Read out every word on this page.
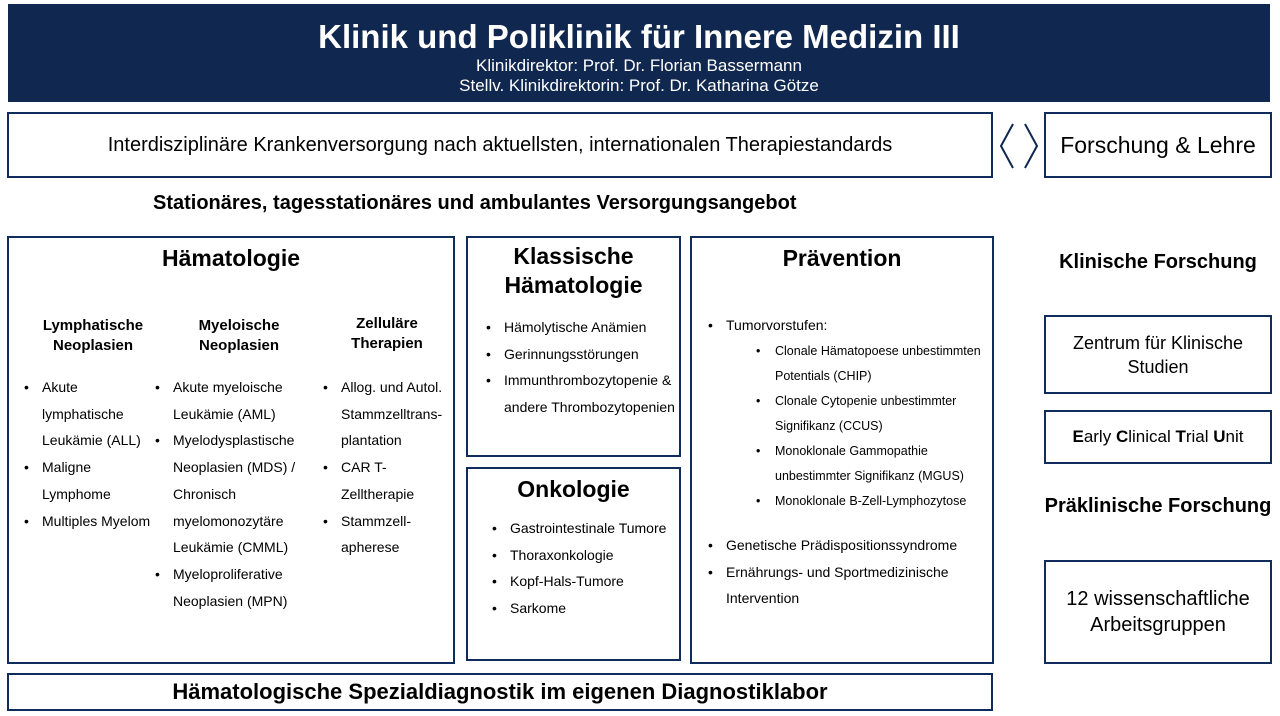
Klinik und Poliklinik für Innere Medizin III
Klinikdirektor: Prof. Dr. Florian Bassermann
Stellv. Klinikdirektorin: Prof. Dr. Katharina Götze
Interdisziplinäre Krankenversorgung nach aktuellsten, internationalen Therapiestandards	Forschung & Lehre
Stationäres, tagesstationäres und ambulantes Versorgungsangebot
Hämatologie
Lymphatische Neoplasien
• Akute lymphatische Leukämie (ALL)
• Maligne Lymphome
• Multiples Myelom
Myeloische Neoplasien
• Akute myeloische Leukämie (AML)
• Myelodysplastische Neoplasien (MDS) / Chronisch myelomonozytäre Leukämie (CMML)
• Myeloproliferative Neoplasien (MPN)
Zelluläre Therapien
• Allog. und Autol. Stammzelltrans-plantation
• CAR T-Zelltherapie
• Stammzell-apherese
Klassische Hämatologie
• Hämolytische Anämien
• Gerinnungsstörungen
• Immunthrombozytopenie & andere Thrombozytopenien
Onkologie
• Gastrointestinale Tumore
• Thoraxonkologie
• Kopf-Hals-Tumore
• Sarkome
Prävention
• Tumorvorstufen:
• Clonale Hämatopoese unbestimmten Potentials (CHIP)
• Clonale Cytopenie unbestimmter Signifikanz (CCUS)
• Monoklonale Gammopathie unbestimmter Signifikanz (MGUS)
• Monoklonale B-Zell-Lymphozytose
• Genetische Prädispositionssyndrome
• Ernährungs- und Sportmedizinische Intervention
Hämatologische Spezialdiagnostik im eigenen Diagnostiklabor
Klinische Forschung
Zentrum für Klinische Studien
Early Clinical Trial Unit
Präklinische Forschung
12 wissenschaftliche Arbeitsgruppen
